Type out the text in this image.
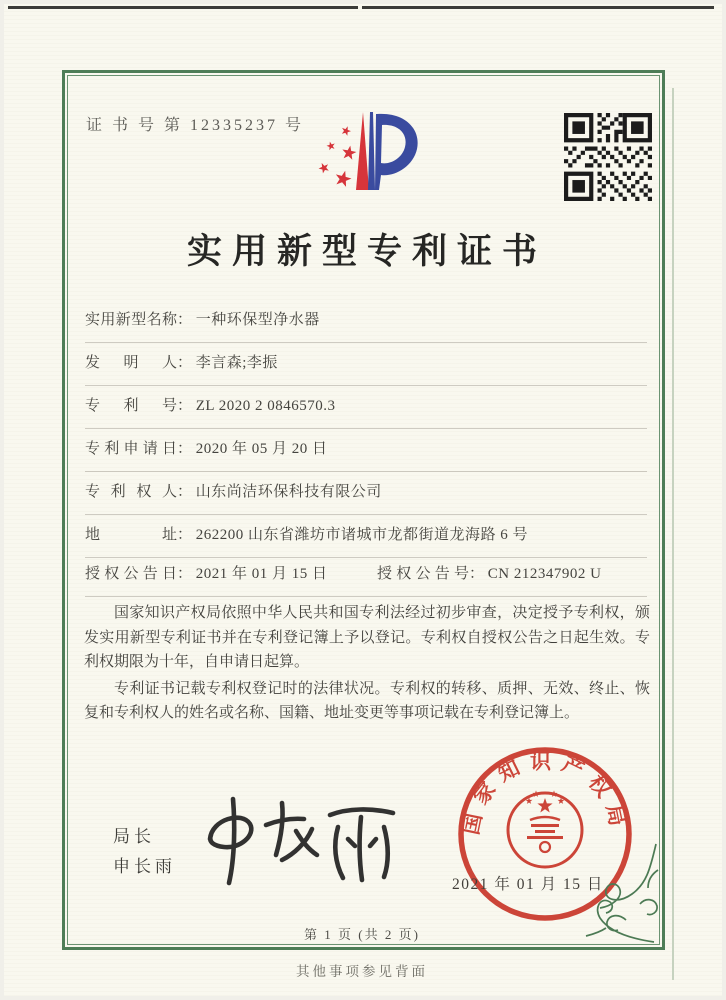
证 书 号 第 12335237 号
实用新型专利证书
实用新型名称： 一种环保型净水器
发明人： 李言森;李振
专利号： ZL 2020 2 0846570.3
专利申请日： 2020 年 05 月 20 日
专利权人： 山东尚洁环保科技有限公司
地址： 262200 山东省潍坊市诸城市龙都街道龙海路 6 号
授权公告日： 2021 年 01 月 15 日	授权公告号： CN 212347902 U

国家知识产权局依照中华人民共和国专利法经过初步审查，决定授予专利权，颁发实用新型专利证书并在专利登记簿上予以登记。专利权自授权公告之日起生效。专利权期限为十年，自申请日起算。

专利证书记载专利权登记时的法律状况。专利权的转移、质押、无效、终止、恢复和专利权人的姓名或名称、国籍、地址变更等事项记载在专利登记簿上。

局长
申长雨
国家知识产权局
2021 年 01 月 15 日
第 1 页 (共 2 页)
其他事项参见背面
